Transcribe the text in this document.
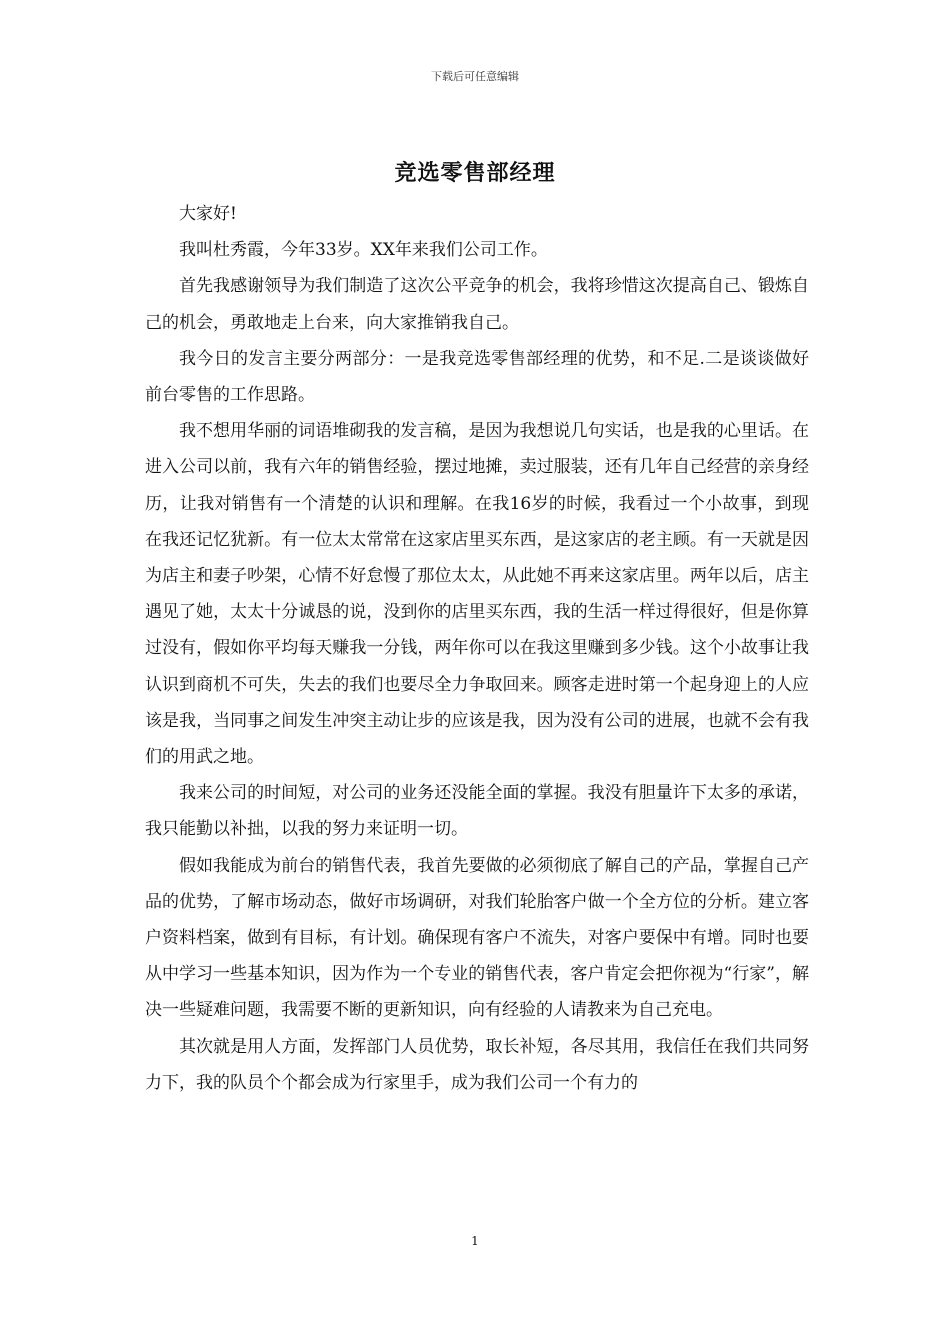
下载后可任意编辑
竞选零售部经理

大家好!

我叫杜秀霞，今年33岁。XX年来我们公司工作。

首先我感谢领导为我们制造了这次公平竞争的机会，我将珍惜这次提高自己、锻炼自己的机会，勇敢地走上台来，向大家推销我自己。

我今日的发言主要分两部分：一是我竞选零售部经理的优势，和不足.二是谈谈做好前台零售的工作思路。

我不想用华丽的词语堆砌我的发言稿，是因为我想说几句实话，也是我的心里话。在进入公司以前，我有六年的销售经验，摆过地摊，卖过服装，还有几年自己经营的亲身经历，让我对销售有一个清楚的认识和理解。在我16岁的时候，我看过一个小故事，到现在我还记忆犹新。有一位太太常常在这家店里买东西，是这家店的老主顾。有一天就是因为店主和妻子吵架，心情不好怠慢了那位太太，从此她不再来这家店里。两年以后，店主遇见了她，太太十分诚恳的说，没到你的店里买东西，我的生活一样过得很好，但是你算过没有，假如你平均每天赚我一分钱，两年你可以在我这里赚到多少钱。这个小故事让我认识到商机不可失，失去的我们也要尽全力争取回来。顾客走进时第一个起身迎上的人应该是我，当同事之间发生冲突主动让步的应该是我，因为没有公司的进展，也就不会有我们的用武之地。

我来公司的时间短，对公司的业务还没能全面的掌握。我没有胆量许下太多的承诺，我只能勤以补拙，以我的努力来证明一切。

假如我能成为前台的销售代表，我首先要做的必须彻底了解自己的产品，掌握自己产品的优势，了解市场动态，做好市场调研，对我们轮胎客户做一个全方位的分析。建立客户资料档案，做到有目标，有计划。确保现有客户不流失，对客户要保中有增。同时也要从中学习一些基本知识，因为作为一个专业的销售代表，客户肯定会把你视为“行家”，解决一些疑难问题，我需要不断的更新知识，向有经验的人请教来为自己充电。

其次就是用人方面，发挥部门人员优势，取长补短，各尽其用，我信任在我们共同努力下，我的队员个个都会成为行家里手，成为我们公司一个有力的

1
